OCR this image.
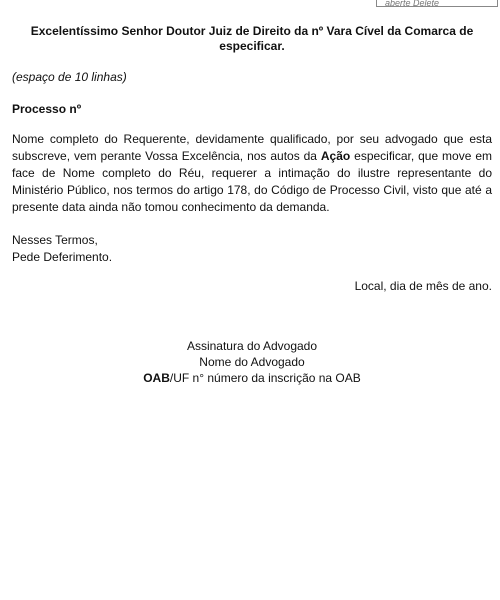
aberte Delete

Excelentíssimo Senhor Doutor Juiz de Direito da nº Vara Cível da Comarca de especificar.

(espaço de 10 linhas)

Processo nº

Nome completo do Requerente, devidamente qualificado, por seu advogado que esta subscreve, vem perante Vossa Excelência, nos autos da Ação especificar, que move em face de Nome completo do Réu, requerer a intimação do ilustre representante do Ministério Público, nos termos do artigo 178, do Código de Processo Civil, visto que até a presente data ainda não tomou conhecimento da demanda.

Nesses Termos,
Pede Deferimento.
Local, dia de mês de ano.
Assinatura do Advogado
Nome do Advogado
OAB/UF n° número da inscrição na OAB
